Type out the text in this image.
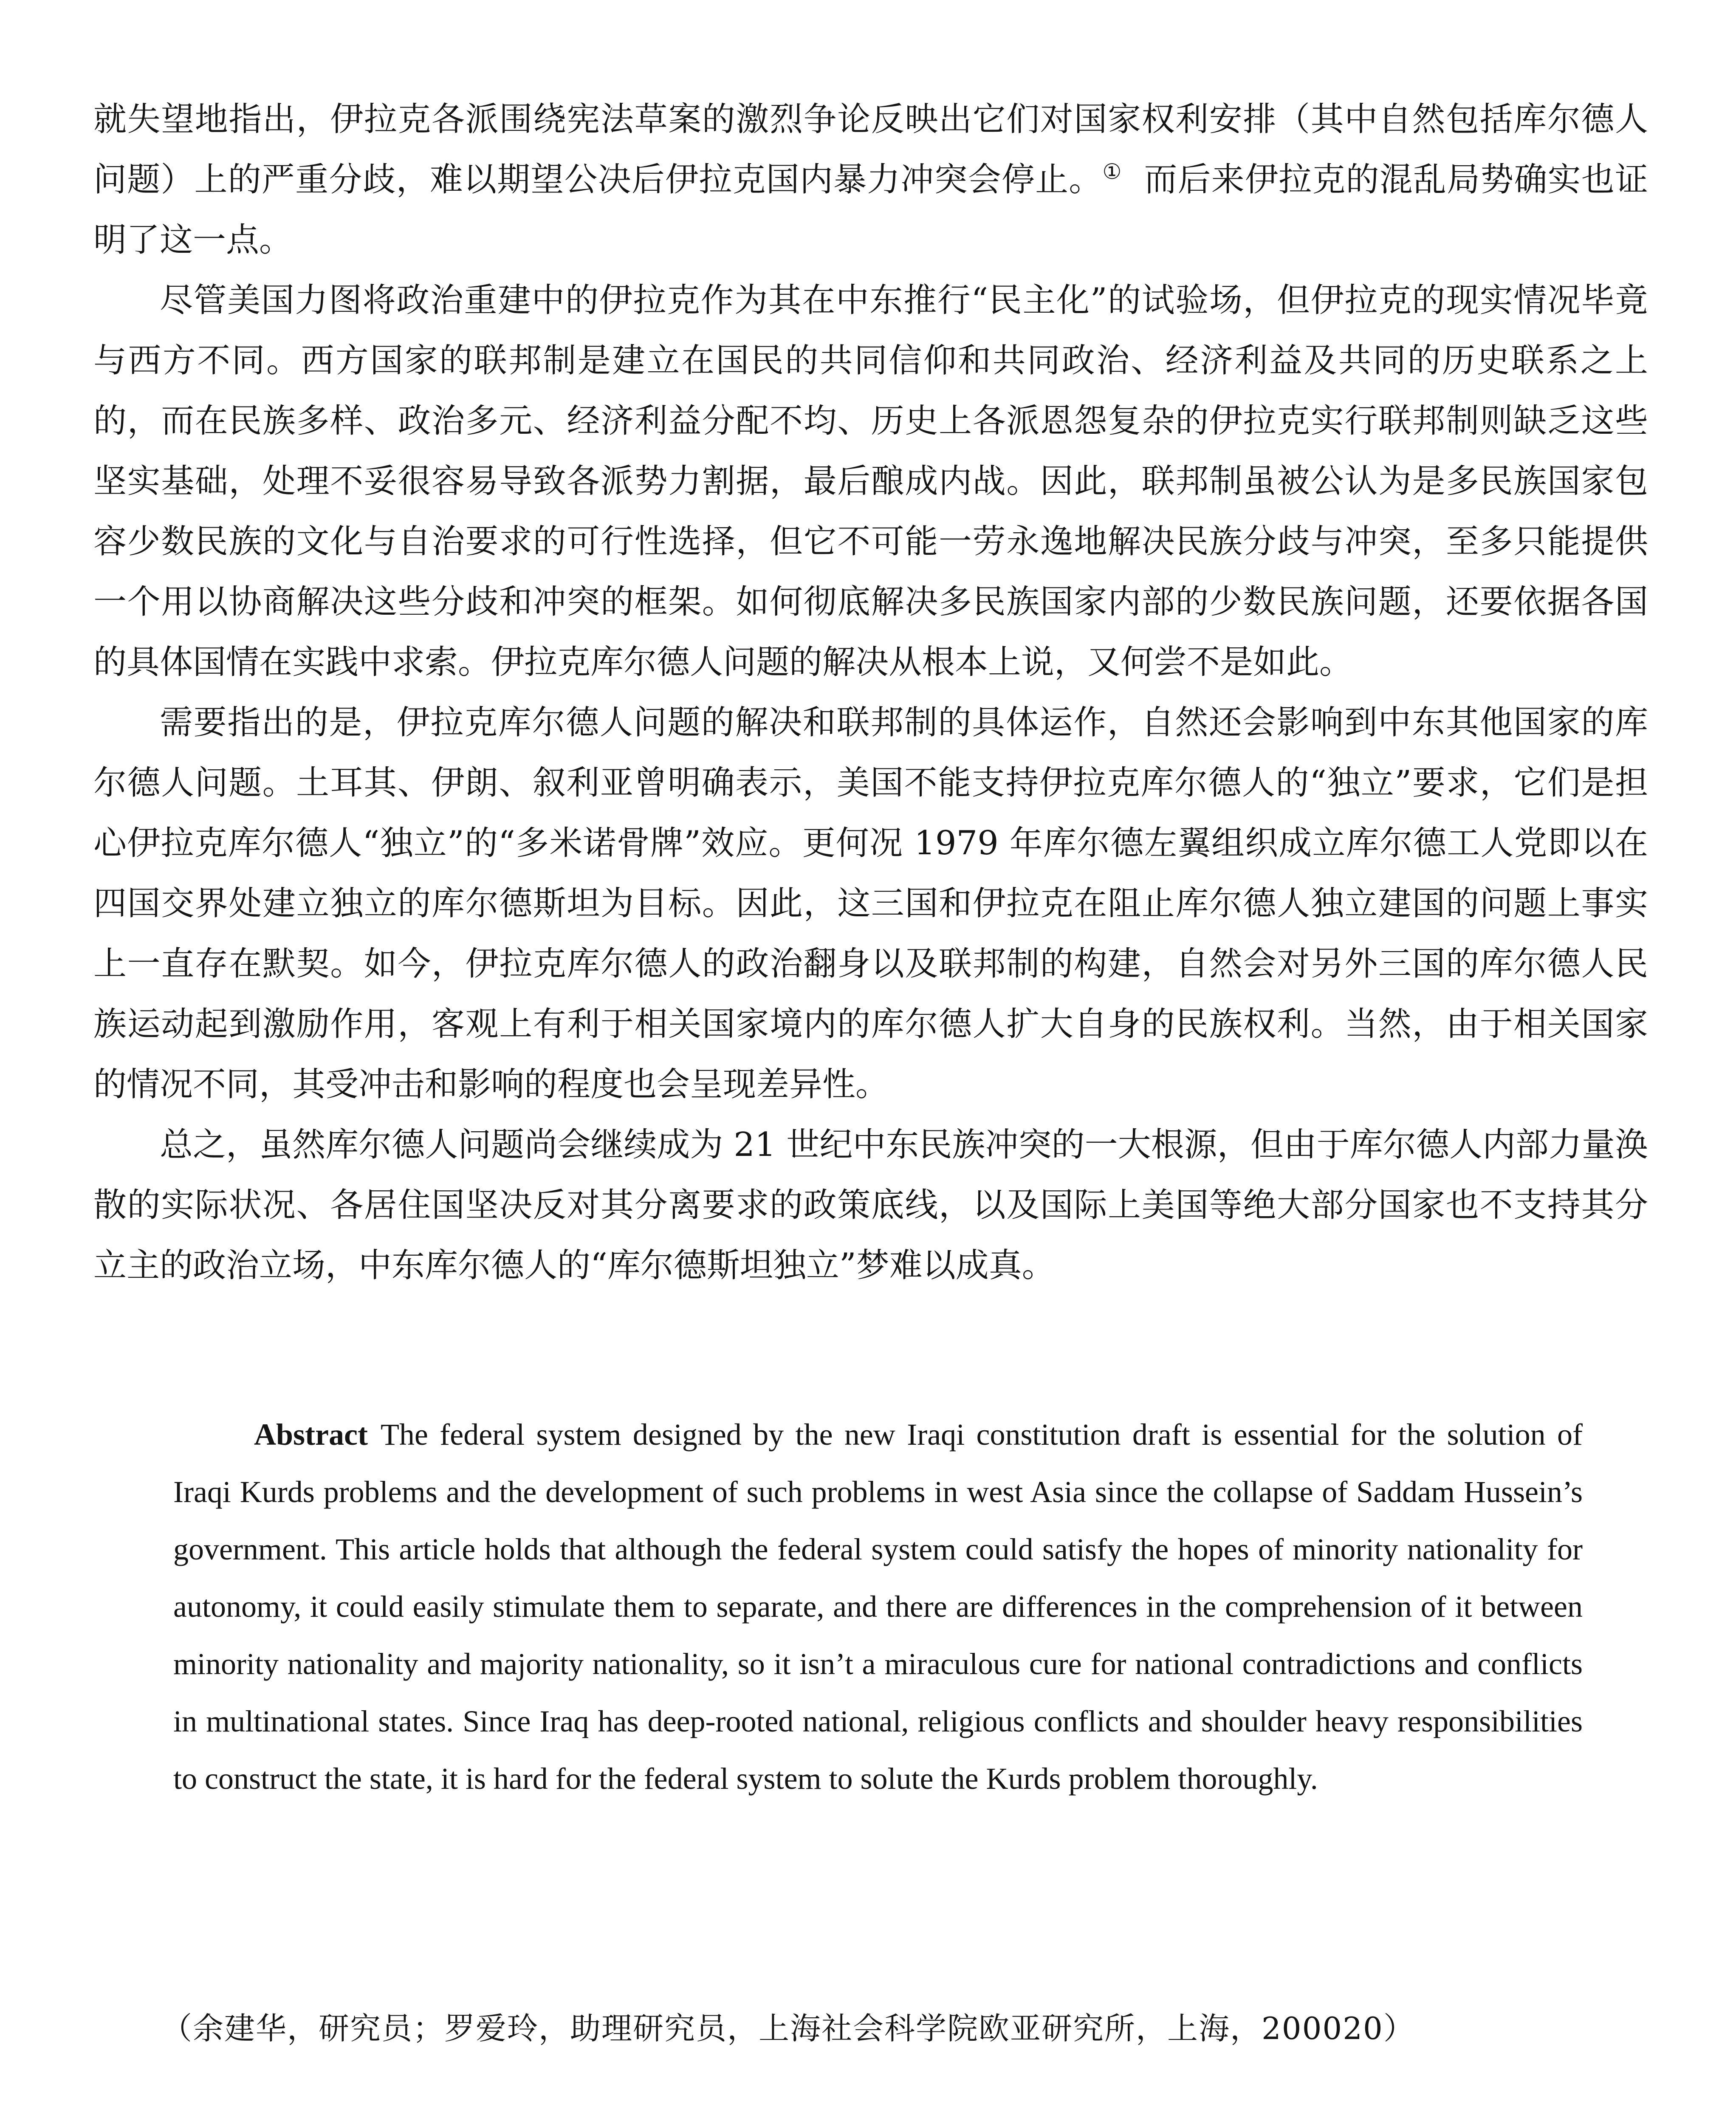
就失望地指出，伊拉克各派围绕宪法草案的激烈争论反映出它们对国家权利安排（其中自然包括库尔德人问题）上的严重分歧，难以期望公决后伊拉克国内暴力冲突会停止。① 而后来伊拉克的混乱局势确实也证明了这一点。

尽管美国力图将政治重建中的伊拉克作为其在中东推行“民主化”的试验场，但伊拉克的现实情况毕竟与西方不同。西方国家的联邦制是建立在国民的共同信仰和共同政治、经济利益及共同的历史联系之上的，而在民族多样、政治多元、经济利益分配不均、历史上各派恩怨复杂的伊拉克实行联邦制则缺乏这些坚实基础，处理不妥很容易导致各派势力割据，最后酿成内战。因此，联邦制虽被公认为是多民族国家包容少数民族的文化与自治要求的可行性选择，但它不可能一劳永逸地解决民族分歧与冲突，至多只能提供一个用以协商解决这些分歧和冲突的框架。如何彻底解决多民族国家内部的少数民族问题，还要依据各国的具体国情在实践中求索。伊拉克库尔德人问题的解决从根本上说，又何尝不是如此。

需要指出的是，伊拉克库尔德人问题的解决和联邦制的具体运作，自然还会影响到中东其他国家的库尔德人问题。土耳其、伊朗、叙利亚曾明确表示，美国不能支持伊拉克库尔德人的“独立”要求，它们是担心伊拉克库尔德人“独立”的“多米诺骨牌”效应。更何况 1979 年库尔德左翼组织成立库尔德工人党即以在四国交界处建立独立的库尔德斯坦为目标。因此，这三国和伊拉克在阻止库尔德人独立建国的问题上事实上一直存在默契。如今，伊拉克库尔德人的政治翻身以及联邦制的构建，自然会对另外三国的库尔德人民族运动起到激励作用，客观上有利于相关国家境内的库尔德人扩大自身的民族权利。当然，由于相关国家的情况不同，其受冲击和影响的程度也会呈现差异性。

总之，虽然库尔德人问题尚会继续成为 21 世纪中东民族冲突的一大根源，但由于库尔德人内部力量涣散的实际状况、各居住国坚决反对其分离要求的政策底线，以及国际上美国等绝大部分国家也不支持其分立主的政治立场，中东库尔德人的“库尔德斯坦独立”梦难以成真。

Abstract The federal system designed by the new Iraqi constitution draft is essential for the solution of Iraqi Kurds problems and the development of such problems in west Asia since the collapse of Saddam Hussein’s government. This article holds that although the federal system could satisfy the hopes of minority nationality for autonomy, it could easily stimulate them to separate, and there are differences in the comprehension of it between minority nationality and majority nationality, so it isn’t a miraculous cure for national contradictions and conflicts in multinational states. Since Iraq has deep-rooted national, religious conflicts and shoulder heavy responsibilities to construct the state, it is hard for the federal system to solute the Kurds problem thoroughly.
（余建华，研究员；罗爱玲，助理研究员，上海社会科学院欧亚研究所，上海，200020）
